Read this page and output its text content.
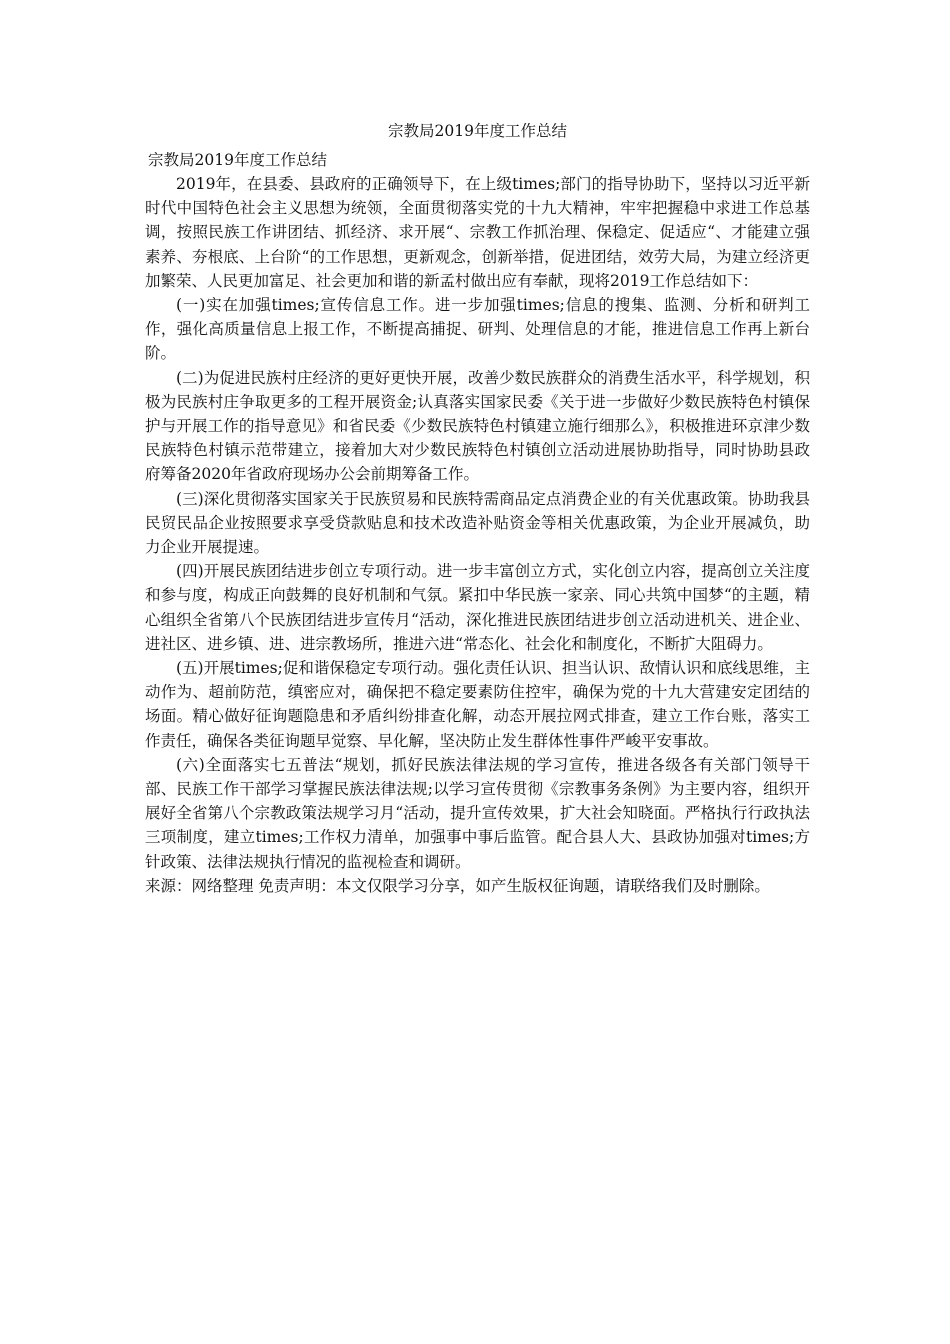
宗教局2019年度工作总结

宗教局2019年度工作总结

2019年，在县委、县政府的正确领导下，在上级times;部门的指导协助下，坚持以习近平新时代中国特色社会主义思想为统领，全面贯彻落实党的十九大精神，牢牢把握稳中求进工作总基调，按照民族工作讲团结、抓经济、求开展“、宗教工作抓治理、保稳定、促适应“、才能建立强素养、夯根底、上台阶“的工作思想，更新观念，创新举措，促进团结，效劳大局，为建立经济更加繁荣、人民更加富足、社会更加和谐的新孟村做出应有奉献，现将2019工作总结如下：

(一)实在加强times;宣传信息工作。进一步加强times;信息的搜集、监测、分析和研判工作，强化高质量信息上报工作，不断提高捕捉、研判、处理信息的才能，推进信息工作再上新台阶。

(二)为促进民族村庄经济的更好更快开展，改善少数民族群众的消费生活水平，科学规划，积极为民族村庄争取更多的工程开展资金;认真落实国家民委《关于进一步做好少数民族特色村镇保护与开展工作的指导意见》和省民委《少数民族特色村镇建立施行细那么》，积极推进环京津少数民族特色村镇示范带建立，接着加大对少数民族特色村镇创立活动进展协助指导，同时协助县政府筹备2020年省政府现场办公会前期筹备工作。

(三)深化贯彻落实国家关于民族贸易和民族特需商品定点消费企业的有关优惠政策。协助我县民贸民品企业按照要求享受贷款贴息和技术改造补贴资金等相关优惠政策，为企业开展减负，助力企业开展提速。

(四)开展民族团结进步创立专项行动。进一步丰富创立方式，实化创立内容，提高创立关注度和参与度，构成正向鼓舞的良好机制和气氛。紧扣中华民族一家亲、同心共筑中国梦“的主题，精心组织全省第八个民族团结进步宣传月“活动，深化推进民族团结进步创立活动进机关、进企业、进社区、进乡镇、进、进宗教场所，推进六进“常态化、社会化和制度化，不断扩大阻碍力。

(五)开展times;促和谐保稳定专项行动。强化责任认识、担当认识、敌情认识和底线思维，主动作为、超前防范，缜密应对，确保把不稳定要素防住控牢，确保为党的十九大营建安定团结的场面。精心做好征询题隐患和矛盾纠纷排查化解，动态开展拉网式排查，建立工作台账，落实工作责任，确保各类征询题早觉察、早化解，坚决防止发生群体性事件严峻平安事故。

(六)全面落实七五普法“规划，抓好民族法律法规的学习宣传，推进各级各有关部门领导干部、民族工作干部学习掌握民族法律法规;以学习宣传贯彻《宗教事务条例》为主要内容，组织开展好全省第八个宗教政策法规学习月“活动，提升宣传效果，扩大社会知晓面。严格执行行政执法三项制度，建立times;工作权力清单，加强事中事后监管。配合县人大、县政协加强对times;方针政策、法律法规执行情况的监视检查和调研。

来源：网络整理 免责声明：本文仅限学习分享，如产生版权征询题，请联络我们及时删除。
